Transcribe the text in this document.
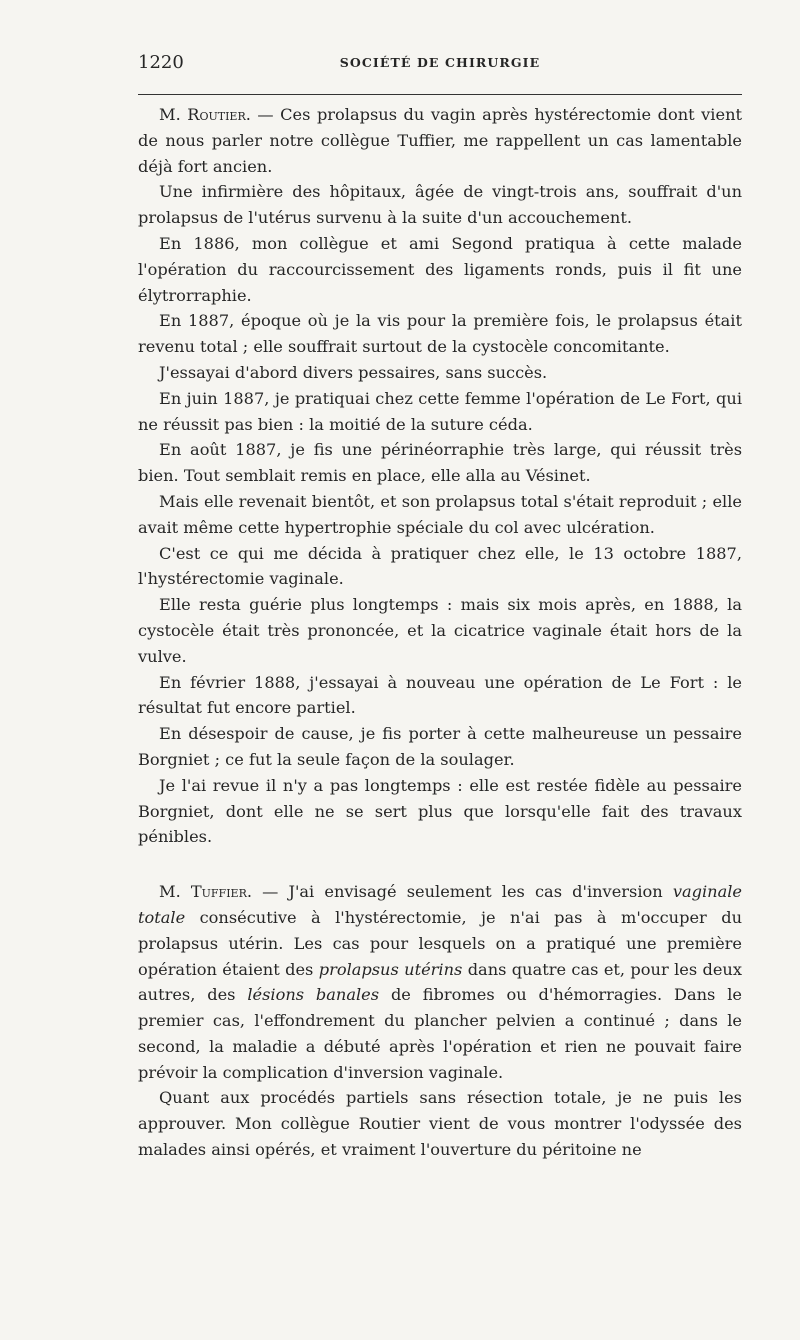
1220	SOCIÉTÉ DE CHIRURGIE

M. Routier. — Ces prolapsus du vagin après hystérectomie dont vient de nous parler notre collègue Tuffier, me rappellent un cas lamentable déjà fort ancien.

Une infirmière des hôpitaux, âgée de vingt-trois ans, souffrait d'un prolapsus de l'utérus survenu à la suite d'un accouchement.

En 1886, mon collègue et ami Segond pratiqua à cette malade l'opération du raccourcissement des ligaments ronds, puis il fit une élytrorraphie.

En 1887, époque où je la vis pour la première fois, le prolapsus était revenu total ; elle souffrait surtout de la cystocèle concomitante.

J'essayai d'abord divers pessaires, sans succès.

En juin 1887, je pratiquai chez cette femme l'opération de Le Fort, qui ne réussit pas bien : la moitié de la suture céda.

En août 1887, je fis une périnéorraphie très large, qui réussit très bien. Tout semblait remis en place, elle alla au Vésinet.

Mais elle revenait bientôt, et son prolapsus total s'était reproduit ; elle avait même cette hypertrophie spéciale du col avec ulcération.

C'est ce qui me décida à pratiquer chez elle, le 13 octobre 1887, l'hystérectomie vaginale.

Elle resta guérie plus longtemps : mais six mois après, en 1888, la cystocèle était très prononcée, et la cicatrice vaginale était hors de la vulve.

En février 1888, j'essayai à nouveau une opération de Le Fort : le résultat fut encore partiel.

En désespoir de cause, je fis porter à cette malheureuse un pessaire Borgniet ; ce fut la seule façon de la soulager.

Je l'ai revue il n'y a pas longtemps : elle est restée fidèle au pessaire Borgniet, dont elle ne se sert plus que lorsqu'elle fait des travaux pénibles.

M. Tuffier. — J'ai envisagé seulement les cas d'inversion vaginale totale consécutive à l'hystérectomie, je n'ai pas à m'occuper du prolapsus utérin. Les cas pour lesquels on a pratiqué une première opération étaient des prolapsus utérins dans quatre cas et, pour les deux autres, des lésions banales de fibromes ou d'hémorragies. Dans le premier cas, l'effondrement du plancher pelvien a continué ; dans le second, la maladie a débuté après l'opération et rien ne pouvait faire prévoir la complication d'inversion vaginale.

Quant aux procédés partiels sans résection totale, je ne puis les approuver. Mon collègue Routier vient de vous montrer l'odyssée des malades ainsi opérés, et vraiment l'ouverture du péritoine ne
